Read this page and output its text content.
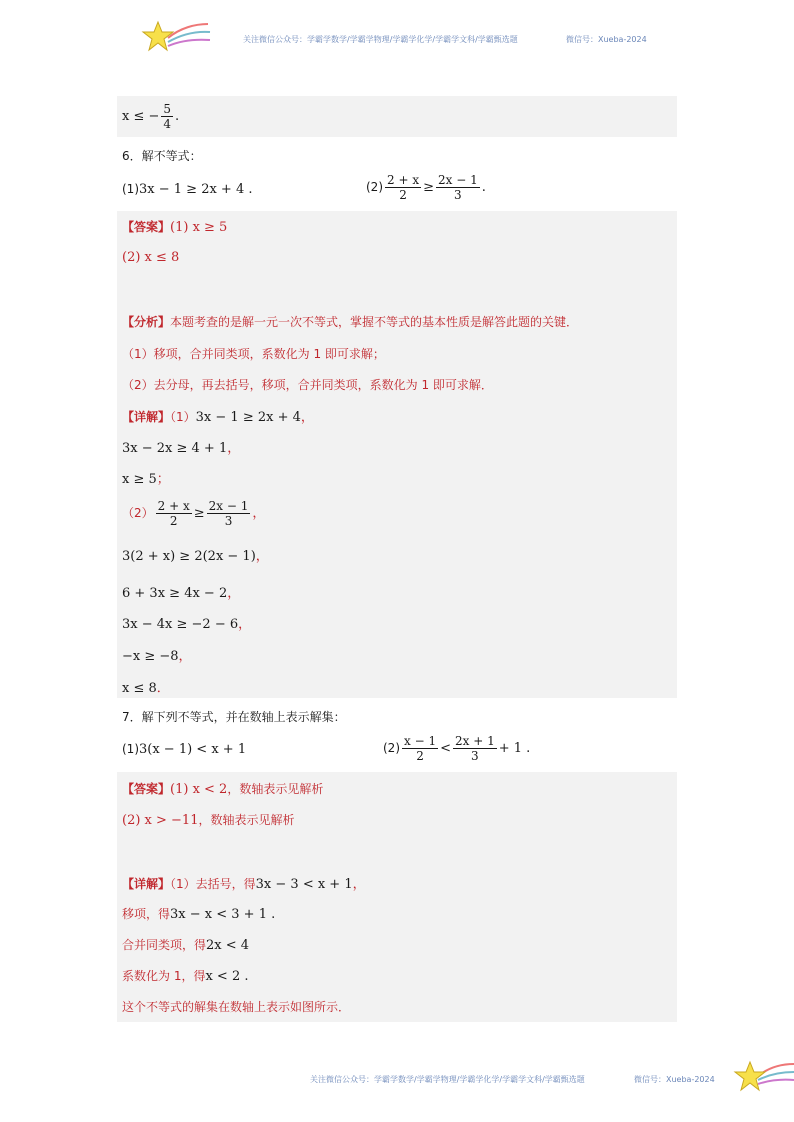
关注微信公众号：学霸学数学/学霸学物理/学霸学化学/学霸学文科/学霸甄选题	微信号：Xueba-2024
x ≤ − $\frac{5}{4}$ .
6．解不等式：
(1)3x − 1 ≥ 2x + 4 .	$(2) \frac{2 + x}{2} \ge \frac{2x - 1}{3}$ .
【答案】(1) x ≥ 5
(2) x ≤ 8
【分析】本题考查的是解一元一次不等式，掌握不等式的基本性质是解答此题的关键．
（1）移项，合并同类项，系数化为 1 即可求解；
（2）去分母，再去括号，移项，合并同类项，系数化为 1 即可求解．
【详解】（1）3x − 1 ≥ 2x + 4，
3x − 2x ≥ 4 + 1，
x ≥ 5；
$(2) \frac{2 + x}{2} \ge \frac{2x - 1}{3}$ ，
3(2 + x) ≥ 2(2x − 1)，
6 + 3x ≥ 4x − 2，
3x − 4x ≥ −2 − 6，
−x ≥ −8，
x ≤ 8．
7．解下列不等式，并在数轴上表示解集：
(1)3(x − 1) < x + 1	$(2) \frac{x - 1}{2} < \frac{2x + 1}{3} + 1$ .
【答案】(1) x < 2，数轴表示见解析
(2) x > −11，数轴表示见解析
【详解】（1）去括号，得3x − 3 < x + 1，
移项，得3x − x < 3 + 1 .
合并同类项，得2x < 4
系数化为 1，得x < 2 .
这个不等式的解集在数轴上表示如图所示．
关注微信公众号：学霸学数学/学霸学物理/学霸学化学/学霸学文科/学霸甄选题	微信号：Xueba-2024
